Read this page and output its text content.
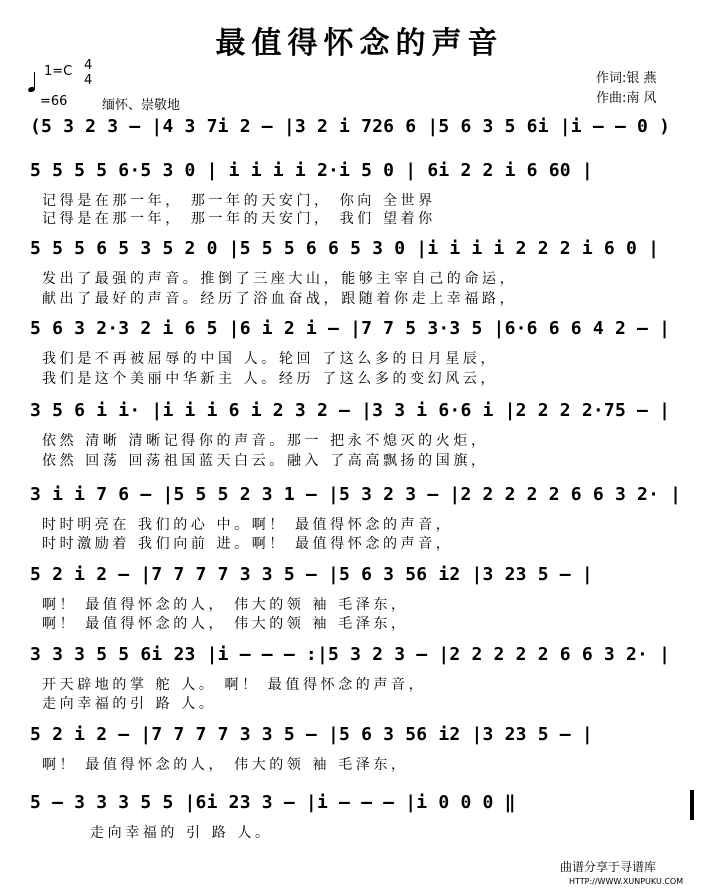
最值得怀念的声音
1=C 4
4
=66	缅怀、崇敬地
作词:银 燕
作曲:南 风
(5 3 2 3 — |4 3 7i 2 — |3 2 i 726 6 |5 6 3 5 6i |i — — 0 )
5 5 5 5 6·5 3 0 | i i i i 2·i 5 0 | 6i 2 2 i 6 60 |
记得是在那一年， 那一年的天安门， 你向 全世界
记得是在那一年， 那一年的天安门， 我们 望着你
5 5 5 6 5 3 5 2 0 |5 5 5 6 6 5 3 0 |i i i i 2 2 2 i 6 0 |
发出了最强的声音。推倒了三座大山，能够主宰自己的命运，
献出了最好的声音。经历了浴血奋战，跟随着你走上幸福路，
5 6 3 2·3 2 i 6 5 |6 i 2 i — |7 7 5 3·3 5 |6·6 6 6 4 2 — |
我们是不再被屈辱的中国 人。轮回 了这么多的日月星辰，
我们是这个美丽中华新主 人。经历 了这么多的变幻风云，
3 5 6 i i· |i i i 6 i 2 3 2 — |3 3 i 6·6 i |2 2 2 2·75 — |
依然 清晰 清晰记得你的声音。那一 把永不熄灭的火炬，
依然 回荡 回荡祖国蓝天白云。融入 了高高飘扬的国旗，
3 i i 7 6 — |5 5 5 2 3 1 — |5 3 2 3 — |2 2 2 2 2 6 6 3 2· |
时时明亮在 我们的心 中。啊！ 最值得怀念的声音，
时时激励着 我们向前 进。啊！ 最值得怀念的声音，
5 2 i 2 — |7 7 7 7 3 3 5 — |5 6 3 56 i2 |3 23 5 — |
啊！ 最值得怀念的人， 伟大的领 袖 毛泽东，
啊！ 最值得怀念的人， 伟大的领 袖 毛泽东，
3 3 3 5 5 6i 23 |i — — — :|5 3 2 3 — |2 2 2 2 2 6 6 3 2· |
开天辟地的掌 舵 人。 啊！ 最值得怀念的声音，
走向幸福的引 路 人。
5 2 i 2 — |7 7 7 7 3 3 5 — |5 6 3 56 i2 |3 23 5 — |
啊！ 最值得怀念的人， 伟大的领 袖 毛泽东，
5 — 3 3 3 5 5 |6i 23 3 — |i — — — |i 0 0 0 ‖
走向幸福的 引 路 人。
曲谱分享于寻谱库
HTTP://WWW.XUNPUKU.COM
